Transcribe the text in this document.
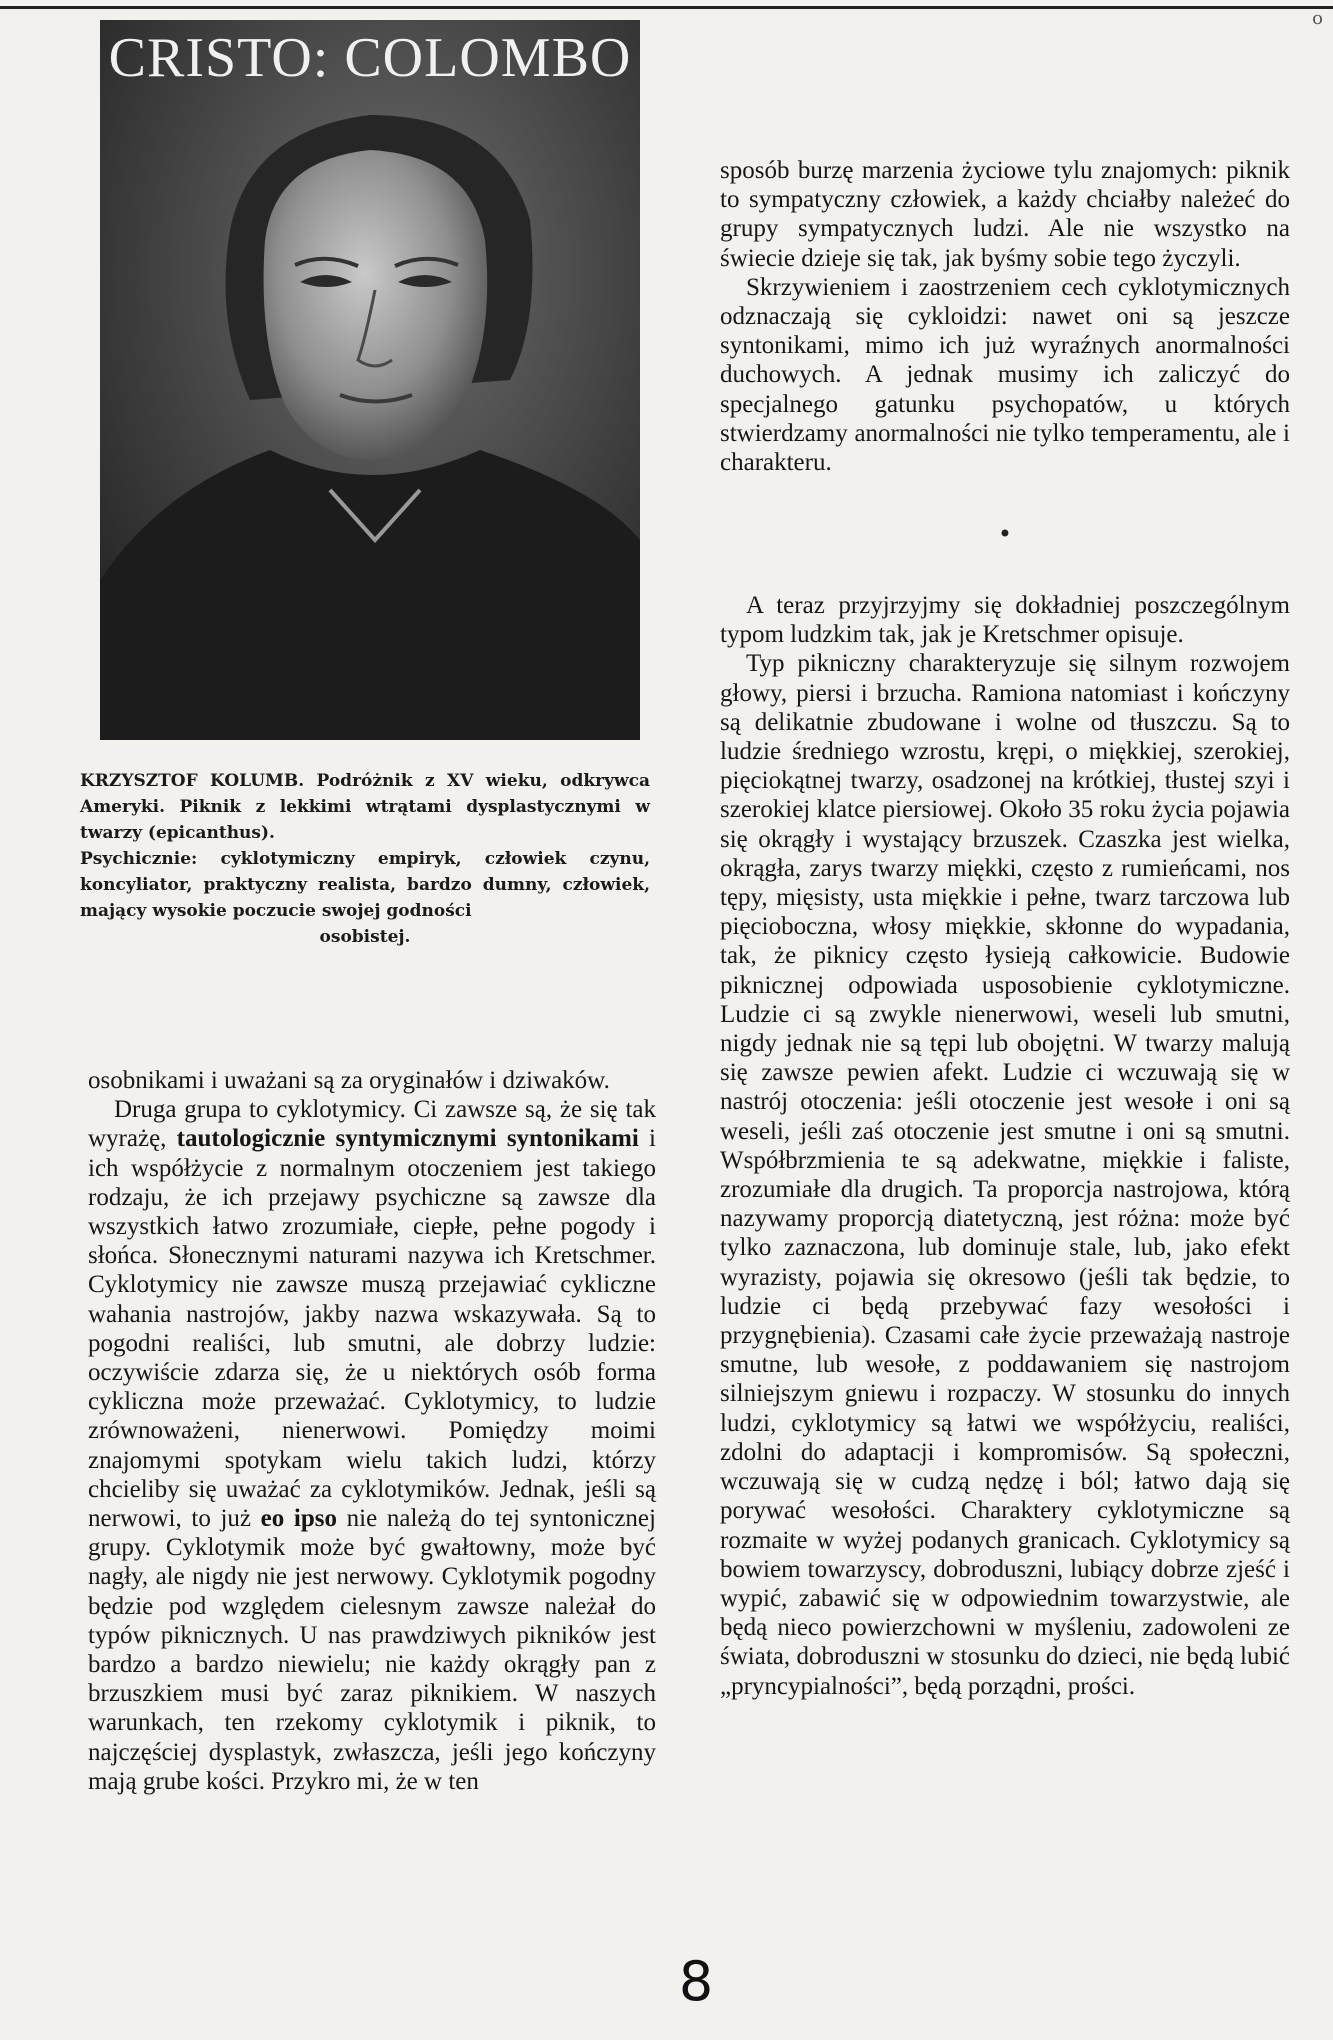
o
CRISTO: COLOMBO

KRZYSZTOF KOLUMB. Podróżnik z XV wieku, odkrywca Ameryki. Piknik z lekkimi wtrątami dysplastycznymi w twarzy (epicanthus).

Psychicznie: cyklotymiczny empiryk, człowiek czynu, koncyliator, praktyczny realista, bardzo dumny, człowiek, mający wysokie poczucie swojej godności

osobistej.

osobnikami i uważani są za oryginałów i dziwaków.

Druga grupa to cyklotymicy. Ci zawsze są, że się tak wyrażę, tautologicznie syntymicznymi syntonikami i ich współżycie z normalnym otoczeniem jest takiego rodzaju, że ich przejawy psychiczne są zawsze dla wszystkich łatwo zrozumiałe, ciepłe, pełne pogody i słońca. Słonecznymi naturami nazywa ich Kretschmer. Cyklotymicy nie zawsze muszą przejawiać cykliczne wahania nastrojów, jakby nazwa wskazywała. Są to pogodni realiści, lub smutni, ale dobrzy ludzie: oczywiście zdarza się, że u niektórych osób forma cykliczna może przeważać. Cyklotymicy, to ludzie zrównoważeni, nienerwowi. Pomiędzy moimi znajomymi spotykam wielu takich ludzi, którzy chcieliby się uważać za cyklotymików. Jednak, jeśli są nerwowi, to już eo ipso nie należą do tej syntonicznej grupy. Cyklotymik może być gwałtowny, może być nagły, ale nigdy nie jest nerwowy. Cyklotymik pogodny będzie pod względem cielesnym zawsze należał do typów piknicznych. U nas prawdziwych pikników jest bardzo a bardzo niewielu; nie każdy okrągły pan z brzuszkiem musi być zaraz piknikiem. W naszych warunkach, ten rzekomy cyklotymik i piknik, to najczęściej dysplastyk, zwłaszcza, jeśli jego kończyny mają grube kości. Przykro mi, że w ten

sposób burzę marzenia życiowe tylu znajomych: piknik to sympatyczny człowiek, a każdy chciałby należeć do grupy sympatycznych ludzi. Ale nie wszystko na świecie dzieje się tak, jak byśmy sobie tego życzyli.

Skrzywieniem i zaostrzeniem cech cyklotymicznych odznaczają się cykloidzi: nawet oni są jeszcze syntonikami, mimo ich już wyraźnych anormalności duchowych. A jednak musimy ich zaliczyć do specjalnego gatunku psychopatów, u których stwierdzamy anormalności nie tylko temperamentu, ale i charakteru.

•

A teraz przyjrzyjmy się dokładniej poszczególnym typom ludzkim tak, jak je Kretschmer opisuje.

Typ pikniczny charakteryzuje się silnym rozwojem głowy, piersi i brzucha. Ramiona natomiast i kończyny są delikatnie zbudowane i wolne od tłuszczu. Są to ludzie średniego wzrostu, krępi, o miękkiej, szerokiej, pięciokątnej twarzy, osadzonej na krótkiej, tłustej szyi i szerokiej klatce piersiowej. Około 35 roku życia pojawia się okrągły i wystający brzuszek. Czaszka jest wielka, okrągła, zarys twarzy miękki, często z rumieńcami, nos tępy, mięsisty, usta miękkie i pełne, twarz tarczowa lub pięcioboczna, włosy miękkie, skłonne do wypadania, tak, że piknicy często łysieją całkowicie. Budowie piknicznej odpowiada usposobienie cyklotymiczne. Ludzie ci są zwykle nienerwowi, weseli lub smutni, nigdy jednak nie są tępi lub obojętni. W twarzy malują się zawsze pewien afekt. Ludzie ci wczuwają się w nastrój otoczenia: jeśli otoczenie jest wesołe i oni są weseli, jeśli zaś otoczenie jest smutne i oni są smutni. Współbrzmienia te są adekwatne, miękkie i faliste, zrozumiałe dla drugich. Ta proporcja nastrojowa, którą nazywamy proporcją diatetyczną, jest różna: może być tylko zaznaczona, lub dominuje stale, lub, jako efekt wyrazisty, pojawia się okresowo (jeśli tak będzie, to ludzie ci będą przebywać fazy wesołości i przygnębienia). Czasami całe życie przeważają nastroje smutne, lub wesołe, z poddawaniem się nastrojom silniejszym gniewu i rozpaczy. W stosunku do innych ludzi, cyklotymicy są łatwi we współżyciu, realiści, zdolni do adaptacji i kompromisów. Są społeczni, wczuwają się w cudzą nędzę i ból; łatwo dają się porywać wesołości. Charaktery cyklotymiczne są rozmaite w wyżej podanych granicach. Cyklotymicy są bowiem towarzyscy, dobroduszni, lubiący dobrze zjeść i wypić, zabawić się w odpowiednim towarzystwie, ale będą nieco powierzchowni w myśleniu, zadowoleni ze świata, dobroduszni w stosunku do dzieci, nie będą lubić „pryncypialności”, będą porządni, prości.

8
